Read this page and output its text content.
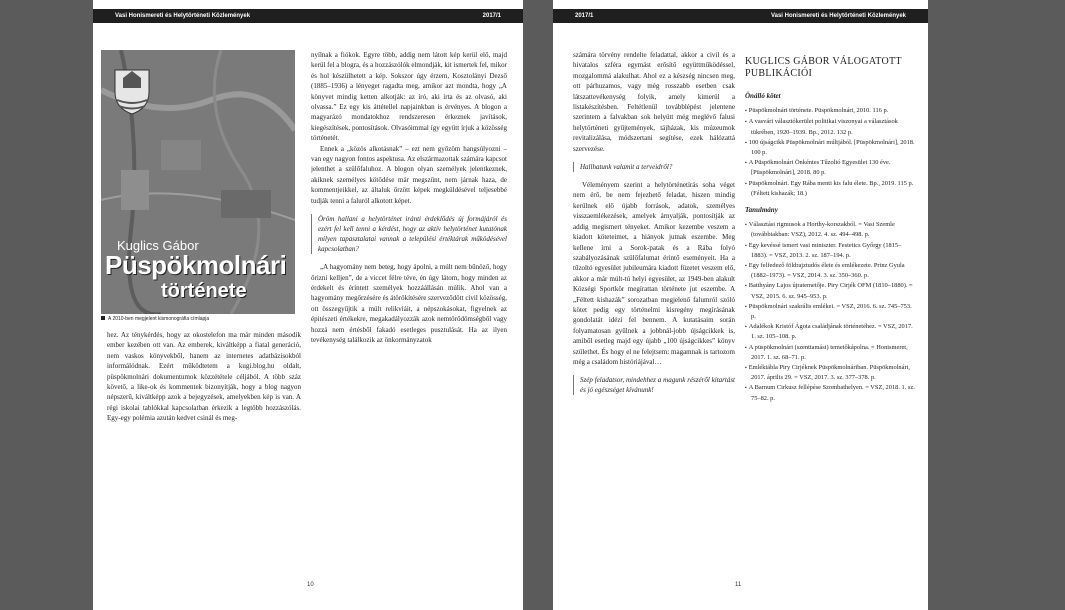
Vasi Honismereti és Helytörténeti Közlemények	2017/1
Kuglics Gábor
Püspökmolnári
története
A 2010-ben megjelent kismonográfia címlapja

hez. Az ténykérdés, hogy az okostelefon ma már minden második ember kezében ott van. Az emberek, kiváltképp a fiatal generáció, nem vaskos könyvekből, hanem az internetes adatbázisokból informálódnak. Ezért működtetem a kugi.blog.hu oldalt, püspökmolnári dokumentumok közzététele céljából. A több száz követő, a like-ok és kommentek bizonyítják, hogy a blog nagyon népszerű, kiváltképp azok a bejegyzések, amelyekben kép is van. A régi iskolai tablókkal kapcsolatban érkezik a legtöbb hozzászólás. Egy-egy polémia azután kedvet csinál és meg-

nyílnak a fiókok. Egyre több, addig nem látott kép kerül elő, majd kerül fel a blogra, és a hozzászólók elmondják, kit ismertek fel, mikor és hol készülhetett a kép. Sokszor úgy érzem, Kosztolányi Dezső (1885–1936) a lényeget ragadta meg, amikor azt mondta, hogy „A könyvet mindig ketten alkotják: az író, aki írta és az olvasó, aki olvassa.” Ez egy kis áttétellel napjainkban is érvényes. A blogon a magyarázó mondatokhoz rendszeresen érkeznek javítások, kiegészítések, pontosítások. Olvasóimmal így együtt írjuk a közösség történetét.

Ennek a „közös alkotásnak” – ezt nem győzöm hangsúlyozni – van egy nagyon fontos aspektusa. Az elszármazottak számára kapcsot jelenthet a szülőfaluhoz. A blogon olyan személyek jelentkeznek, akiknek személyes kötődése már megszűnt, nem járnak haza, de kommentjeikkel, az általuk őrzött képek megküldésével teljesebbé tudják tenni a faluról alkotott képet.

Öröm hallani a helytörténet iránti érdeklődés új formájáról és ezért fel kell tenni a kérdést, hogy az aktív helytörténet kutatónak milyen tapasztalatai vannak a települési értéktárak működésével kapcsolatban?

„A hagyomány nem beteg, hogy ápolni, a múlt nem bűnöző, hogy őrizni kelljen”, de a viccet félre téve, én úgy látom, hogy minden az érdekelt és érintett személyek hozzáállásán múlik. Ahol van a hagyomány megőrzésére és átörökítésére szerveződött civil közösség, ott összegyűjtik a múlt relikviáit, a népszokásokat, figyelnek az épitészeti értékekre, megakadályozzák azok nemtörődömségből vagy hozzá nem értésből fakadó esetleges pusztulását. Ha az ilyen tevékenység találkozik az önkormányzatok

10
2017/1	Vasi Honismereti és Helytörténeti Közlemények

számára törvény rendelte feladattal, akkor a civil és a hivatalos szféra egymást erősítő együttműködéssel, mozgalommá alakulhat. Ahol ez a készség nincsen meg, ott párhuzamos, vagy még rosszabb esetben csak látszattevékenység folyik, amely kimerül a listakészítésben. Feltétlenül továbblépést jelentene szerintem a falvakban sok helyütt még meglévő falusi helytörténeti gyűjtemények, tájházak, kis múzeumok revitalizálása, módszertani segítése, ezek hálózattá szervezése.

Hallhatunk valamit a terveidről?

Véleményem szerint a helytörténetírás soha véget nem érő, be nem fejezhető feladat, hiszen mindig kerülnek elő újabb források, adatok, személyes visszaemlékezések, amelyek árnyalják, pontosítják az addig megismert tényeket. Amikor kezembe veszem a kiadott köteteimet, a hiányok jutnak eszembe. Meg kellene írni a Sorok-patak és a Rába folyó szabályozásának szülőfalumat érintő eseményeit. Ha a tűzoltó egyesület jubileumára kiadott füzetet veszem elő, akkor a már múlt-tú helyi egyesület, az 1949-ben alakult Községi Sportkör megírattan története jut eszembe. A „Féltett kishazák” sorozatban megjelenő falumról szóló kötet pedig egy történelmi kisregény megírásának gondolatát idézi fel bennem. A kutatásaim során folyamatosan gyűlnek a jobbnál-jobb újságcikkek is, amiből esetleg majd egy újabb „100 újságcikkes” könyv születhet. És hogy el ne felejtsem: magamnak is tartozom még a családom históriájával…

Szép feladatsor, mindehhez a magunk részéről kitartást és jó egészséget kívánunk!
KUGLICS GÁBOR VÁLOGATOTT PUBLIKÁCIÓI
Önálló kötet
▪ Püspökmolnári története. Püspökmolnári, 2010. 116 p.
▪ A vasvári választókerület politikai viszonyai a választások tükrében, 1920–1939. Bp., 2012. 132 p.
▪ 100 újságcikk Püspökmolnári múltjából. [Püspökmolnári], 2018. 100 p.
▪ A Püspökmolnári Önkéntes Tűzoltó Egyesület 130 éve. [Püspökmolnári], 2018. 80 p.
▪ Püspökmolnári. Egy Rába menti kis falu élete. Bp., 2019. 115 p. (Féltett kishazák; 18.)
Tanulmány
▪ Választási rigmusok a Horthy-korszakból. = Vasi Szemle (továbbiakban: VSZ), 2012. 4. sz. 494–498. p.
▪ Egy kevéssé ismert vasi miniszter. Festetics Győrgy (1815–1883). = VSZ, 2013. 2. sz. 187–194. p.
▪ Egy felfedező földrajztudós élete és emlékezete. Prinz Gyula (1882–1973). = VSZ, 2014. 3. sz. 350–360. p.
▪ Batthyány Lajos újratemetője. Piry Cirjék OFM (1810–1880). = VSZ, 2015. 6. sz. 945–953. p.
▪ Püspökmolnári szakrális emlékei. = VSZ, 2016. 6. sz. 745–753. p.
▪ Adalékok Kristóf Ágota családjának történetéhez. = VSZ, 2017. 1. sz. 105–108. p.
▪ A püspökmolnári (szenttamási) temetőkápolna. = Honismeret, 2017. 1. sz. 68–71. p.
▪ Emléktábla Piry Cirjéknek Püspökmolnáriban. Püspökmolnári, 2017. április 29. = VSZ, 2017. 3. sz. 377–378. p.
▪ A Barnum Cirkusz fellépése Szombathelyen. = VSZ, 2018. 1. sz. 75–82. p.
11
